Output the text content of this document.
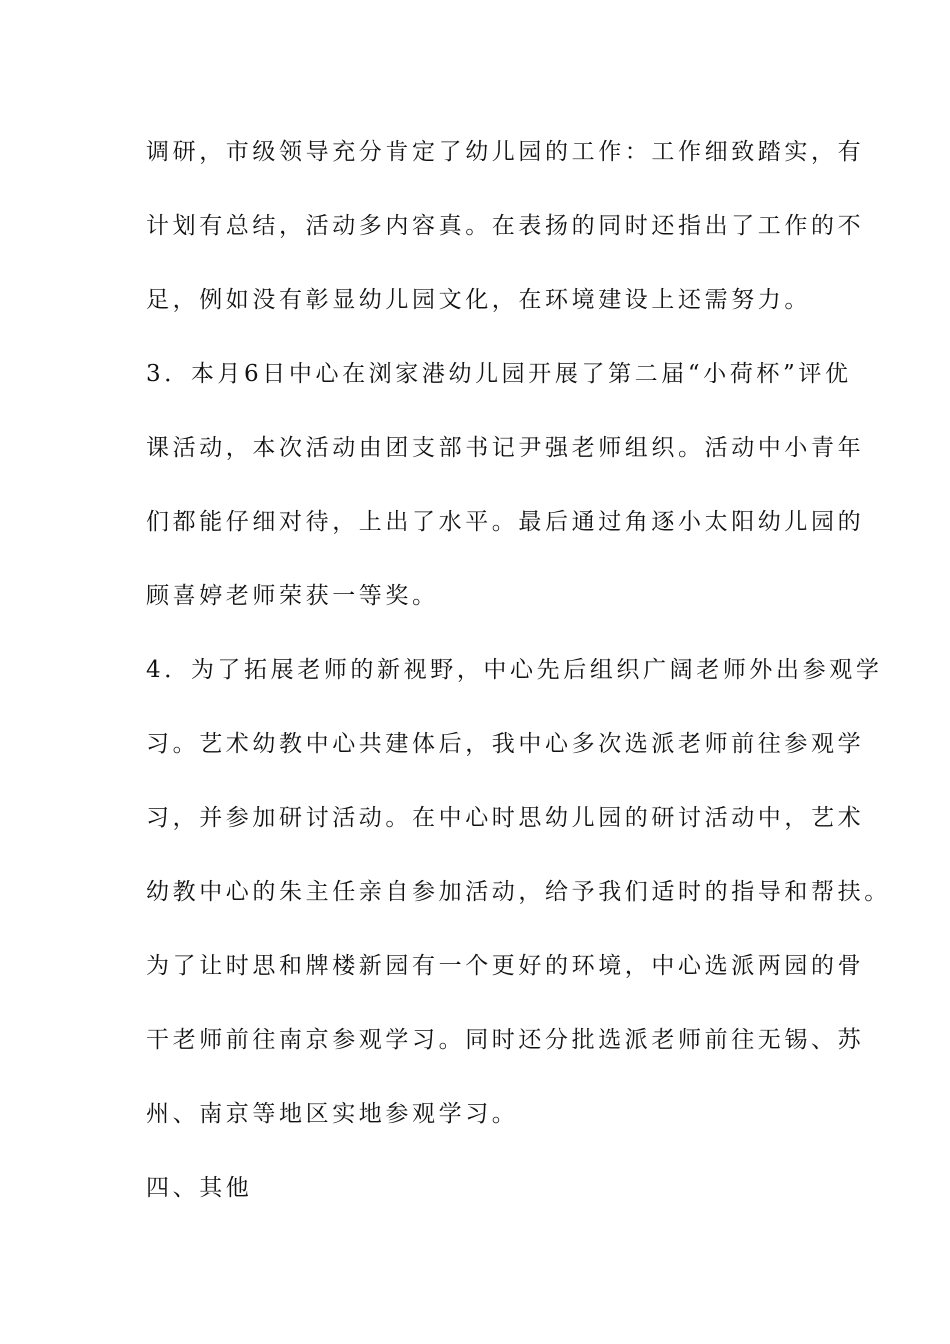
调研，市级领导充分肯定了幼儿园的工作：工作细致踏实，有
计划有总结，活动多内容真。在表扬的同时还指出了工作的不
足，例如没有彰显幼儿园文化，在环境建设上还需努力。
3．本月6日中心在浏家港幼儿园开展了第二届“小荷杯”评优
课活动，本次活动由团支部书记尹强老师组织。活动中小青年
们都能仔细对待，上出了水平。最后通过角逐小太阳幼儿园的
顾喜婷老师荣获一等奖。
4．为了拓展老师的新视野，中心先后组织广阔老师外出参观学
习。艺术幼教中心共建体后，我中心多次选派老师前往参观学
习，并参加研讨活动。在中心时思幼儿园的研讨活动中，艺术
幼教中心的朱主任亲自参加活动，给予我们适时的指导和帮扶。
为了让时思和牌楼新园有一个更好的环境，中心选派两园的骨
干老师前往南京参观学习。同时还分批选派老师前往无锡、苏
州、南京等地区实地参观学习。
四、其他
